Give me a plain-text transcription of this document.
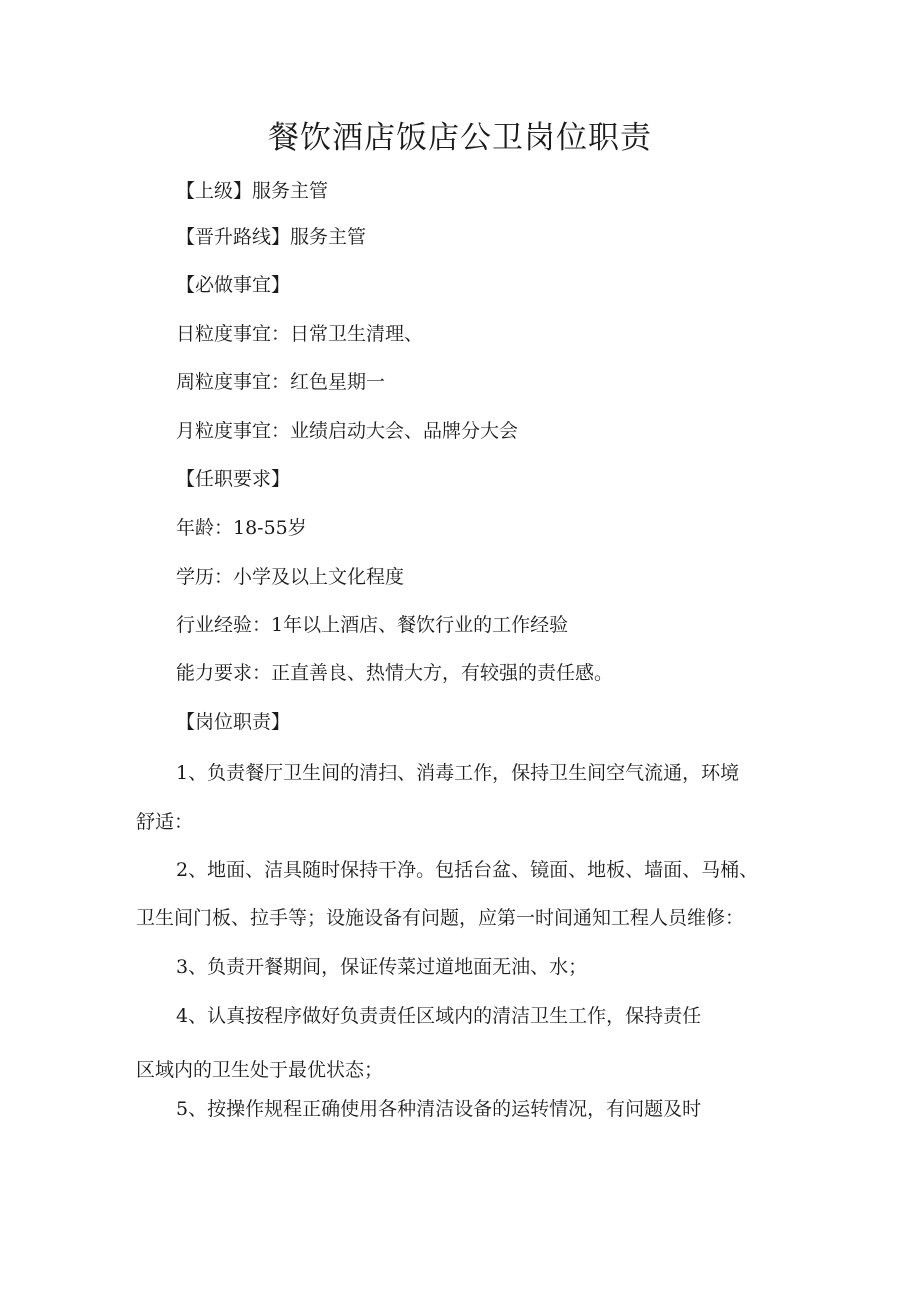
餐饮酒店饭店公卫岗位职责
【上级】服务主管
【晋升路线】服务主管
【必做事宜】
日粒度事宜：日常卫生清理、
周粒度事宜：红色星期一
月粒度事宜：业绩启动大会、品牌分大会
【任职要求】
年龄：18-55岁
学历：小学及以上文化程度
行业经验：1年以上酒店、餐饮行业的工作经验
能力要求：正直善良、热情大方，有较强的责任感。
【岗位职责】
1、负责餐厅卫生间的清扫、消毒工作，保持卫生间空气流通，环境
舒适：
2、地面、洁具随时保持干净。包括台盆、镜面、地板、墙面、马桶、
卫生间门板、拉手等；设施设备有问题，应第一时间通知工程人员维修：
3、负责开餐期间，保证传菜过道地面无油、水；
4、认真按程序做好负责责任区域内的清洁卫生工作，保持责任
区域内的卫生处于最优状态；
5、按操作规程正确使用各种清洁设备的运转情况，有问题及时
